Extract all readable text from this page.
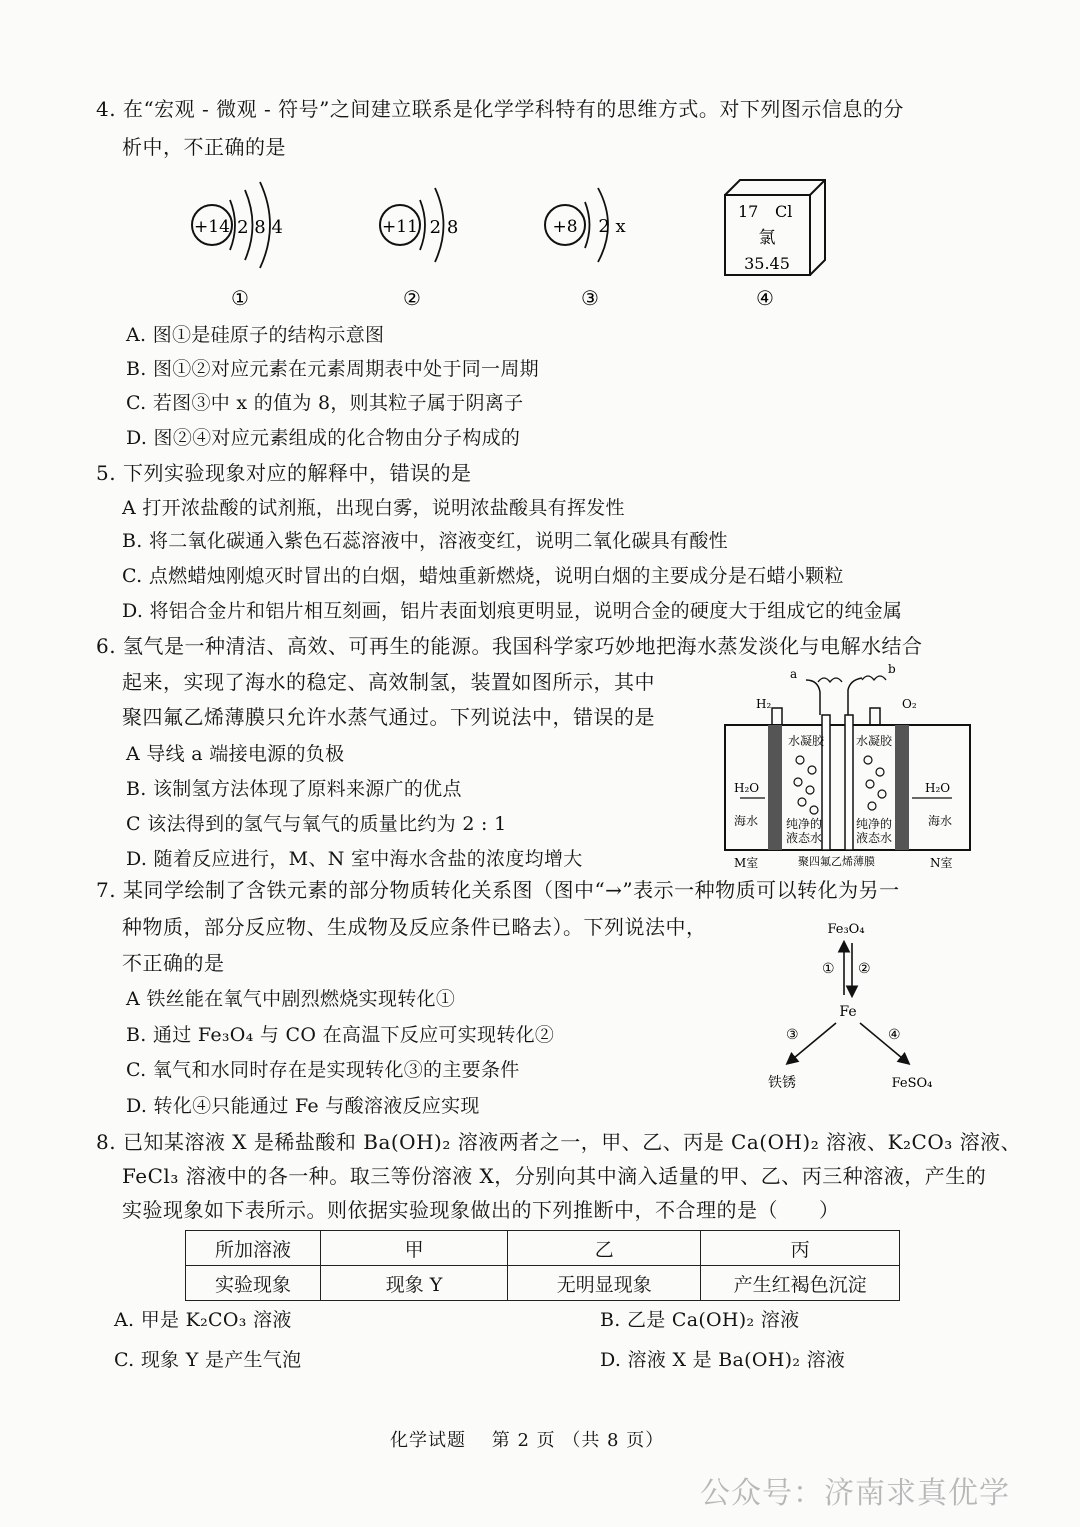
4. 在“宏观 - 微观 - 符号”之间建立联系是化学学科特有的思维方式。对下列图示信息的分
析中，不正确的是
+14 2 8 4
①
+11 2 8
②
+8 2 x
③
17 Cl
氯
35.45
④
A. 图①是硅原子的结构示意图
B. 图①②对应元素在元素周期表中处于同一周期
C. 若图③中 x 的值为 8，则其粒子属于阴离子
D. 图②④对应元素组成的化合物由分子构成的
5. 下列实验现象对应的解释中，错误的是
A 打开浓盐酸的试剂瓶，出现白雾，说明浓盐酸具有挥发性
B. 将二氧化碳通入紫色石蕊溶液中，溶液变红，说明二氧化碳具有酸性
C. 点燃蜡烛刚熄灭时冒出的白烟，蜡烛重新燃烧，说明白烟的主要成分是石蜡小颗粒
D. 将铝合金片和铝片相互刻画，铝片表面划痕更明显，说明合金的硬度大于组成它的纯金属
6. 氢气是一种清洁、高效、可再生的能源。我国科学家巧妙地把海水蒸发淡化与电解水结合
起来，实现了海水的稳定、高效制氢，装置如图所示，其中
聚四氟乙烯薄膜只允许水蒸气通过。下列说法中，错误的是
A 导线 a 端接电源的负极
B. 该制氢方法体现了原料来源广的优点
C 该法得到的氢气与氧气的质量比约为 2 : 1
D. 随着反应进行，M、N 室中海水含盐的浓度均增大
a	b
H₂	O₂
水凝胶	水凝胶
纯净的
液态水
纯净的
液态水
H₂O	H₂O
海水	海水
M室	聚四氟乙烯薄膜	N室
7. 某同学绘制了含铁元素的部分物质转化关系图（图中“→”表示一种物质可以转化为另一
种物质，部分反应物、生成物及反应条件已略去）。下列说法中，
不正确的是
A 铁丝能在氧气中剧烈燃烧实现转化①
B. 通过 Fe₃O₄ 与 CO 在高温下反应可实现转化②
C. 氧气和水同时存在是实现转化③的主要条件
D. 转化④只能通过 Fe 与酸溶液反应实现
Fe₃O₄
① ②
Fe
③	④
铁锈	FeSO₄
8. 已知某溶液 X 是稀盐酸和 Ba(OH)₂ 溶液两者之一，甲、乙、丙是 Ca(OH)₂ 溶液、K₂CO₃ 溶液、
FeCl₃ 溶液中的各一种。取三等份溶液 X，分别向其中滴入适量的甲、乙、丙三种溶液，产生的
实验现象如下表所示。则依据实验现象做出的下列推断中，不合理的是（　　）
所加溶液	甲	乙	丙
实验现象	现象 Y	无明显现象	产生红褐色沉淀
A. 甲是 K₂CO₃ 溶液	B. 乙是 Ca(OH)₂ 溶液
C. 现象 Y 是产生气泡	D. 溶液 X 是 Ba(OH)₂ 溶液
化学试题　 第 2 页 （共 8 页）
公众号：济南求真优学
